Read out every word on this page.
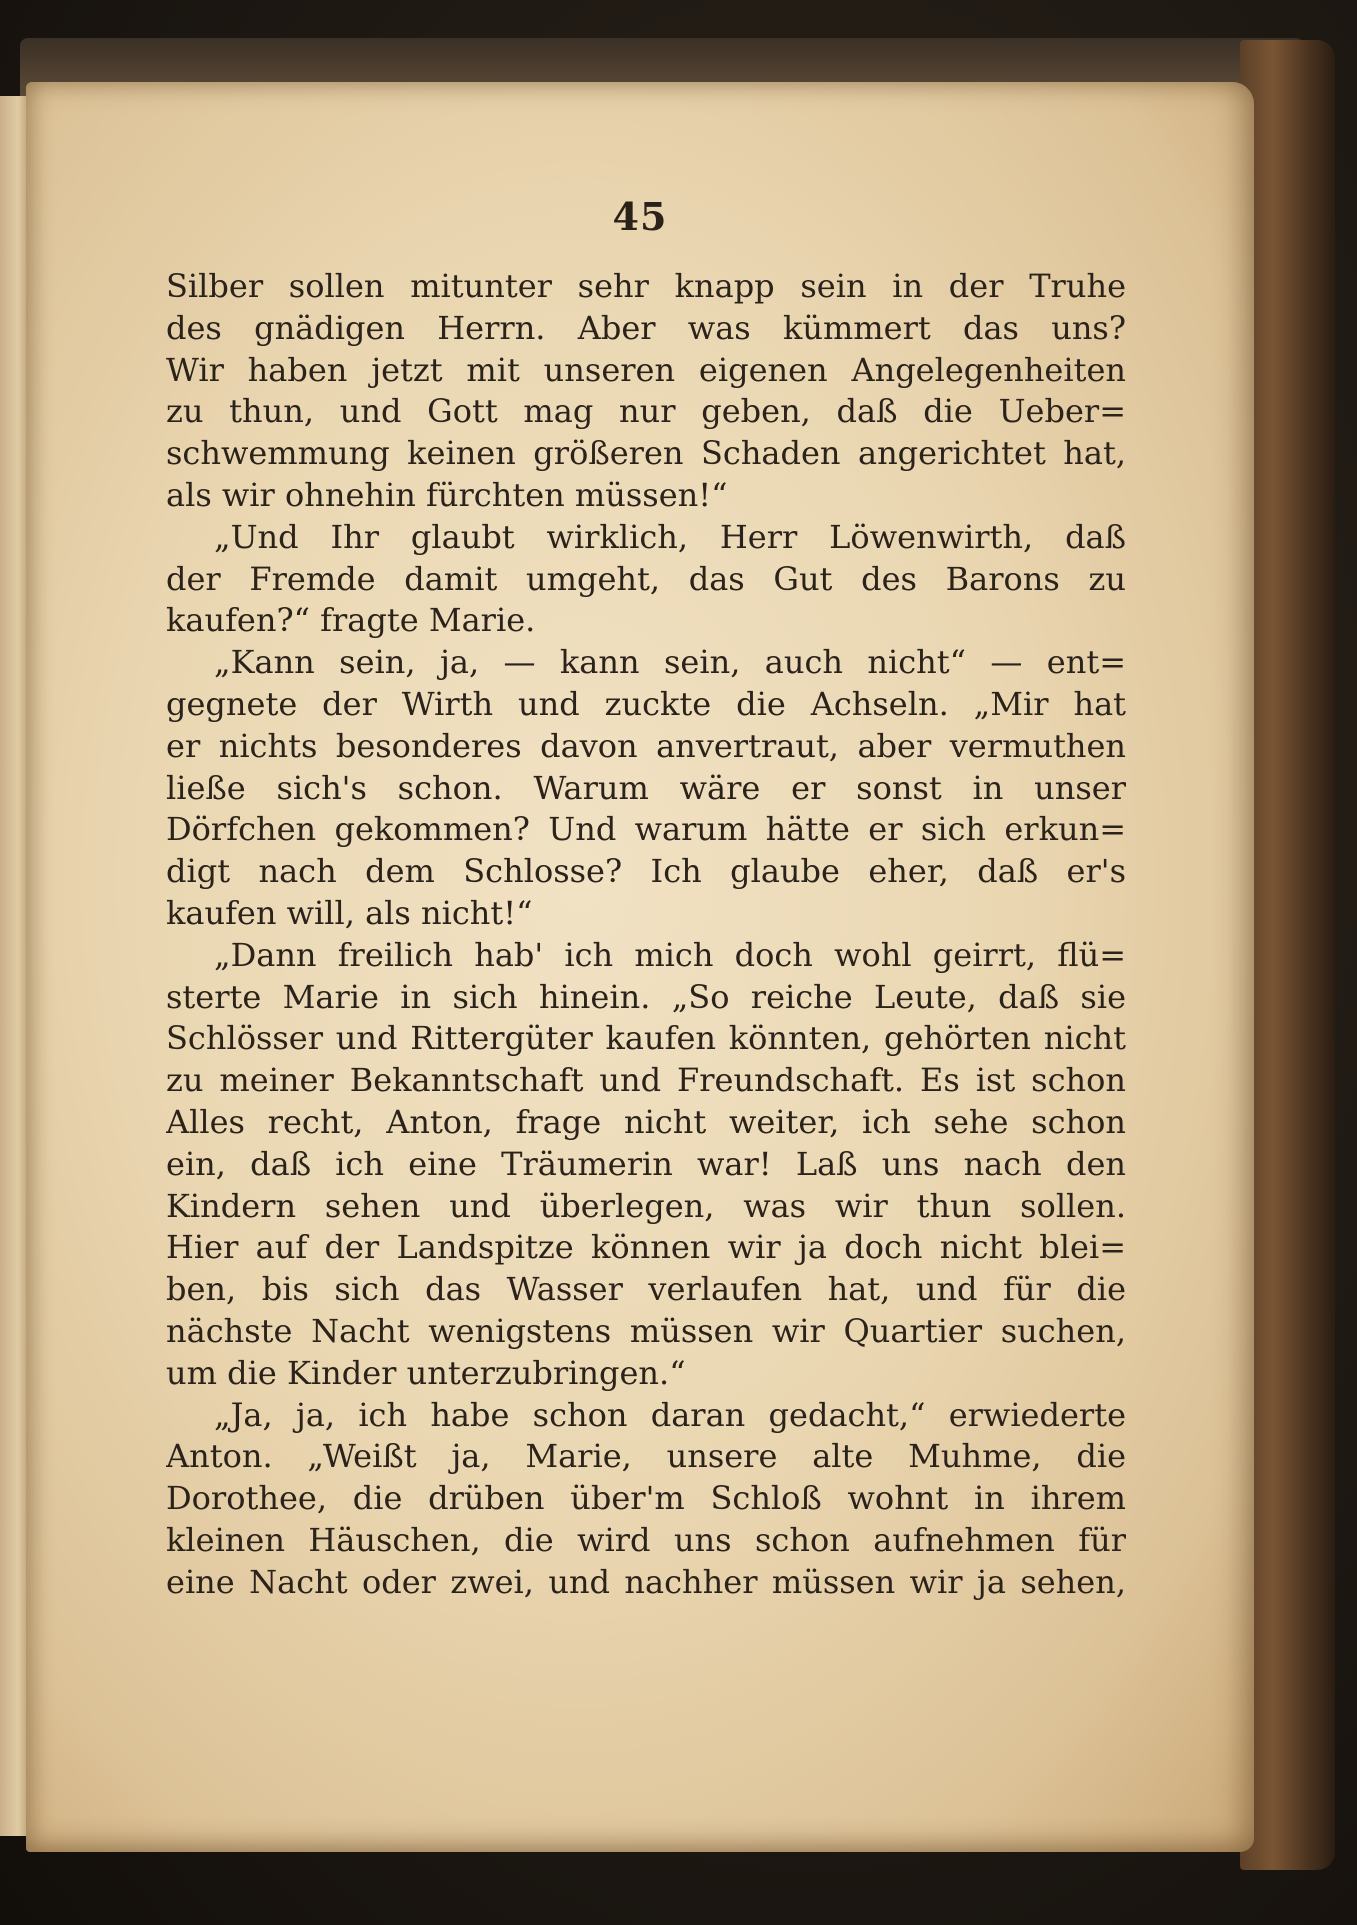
45
Silber sollen mitunter sehr knapp sein in der Truhe
des gnädigen Herrn. Aber was kümmert das uns?
Wir haben jetzt mit unseren eigenen Angelegenheiten
zu thun, und Gott mag nur geben, daß die Ueber=
schwemmung keinen größeren Schaden angerichtet hat,
als wir ohnehin fürchten müssen!“
„Und Ihr glaubt wirklich, Herr Löwenwirth, daß
der Fremde damit umgeht, das Gut des Barons zu
kaufen?“ fragte Marie.
„Kann sein, ja, — kann sein, auch nicht“ — ent=
gegnete der Wirth und zuckte die Achseln. „Mir hat
er nichts besonderes davon anvertraut, aber vermuthen
ließe sich's schon. Warum wäre er sonst in unser
Dörfchen gekommen? Und warum hätte er sich erkun=
digt nach dem Schlosse? Ich glaube eher, daß er's
kaufen will, als nicht!“
„Dann freilich hab' ich mich doch wohl geirrt, flü=
sterte Marie in sich hinein. „So reiche Leute, daß sie
Schlösser und Rittergüter kaufen könnten, gehörten nicht
zu meiner Bekanntschaft und Freundschaft. Es ist schon
Alles recht, Anton, frage nicht weiter, ich sehe schon
ein, daß ich eine Träumerin war! Laß uns nach den
Kindern sehen und überlegen, was wir thun sollen.
Hier auf der Landspitze können wir ja doch nicht blei=
ben, bis sich das Wasser verlaufen hat, und für die
nächste Nacht wenigstens müssen wir Quartier suchen,
um die Kinder unterzubringen.“
„Ja, ja, ich habe schon daran gedacht,“ erwiederte
Anton. „Weißt ja, Marie, unsere alte Muhme, die
Dorothee, die drüben über'm Schloß wohnt in ihrem
kleinen Häuschen, die wird uns schon aufnehmen für
eine Nacht oder zwei, und nachher müssen wir ja sehen,
